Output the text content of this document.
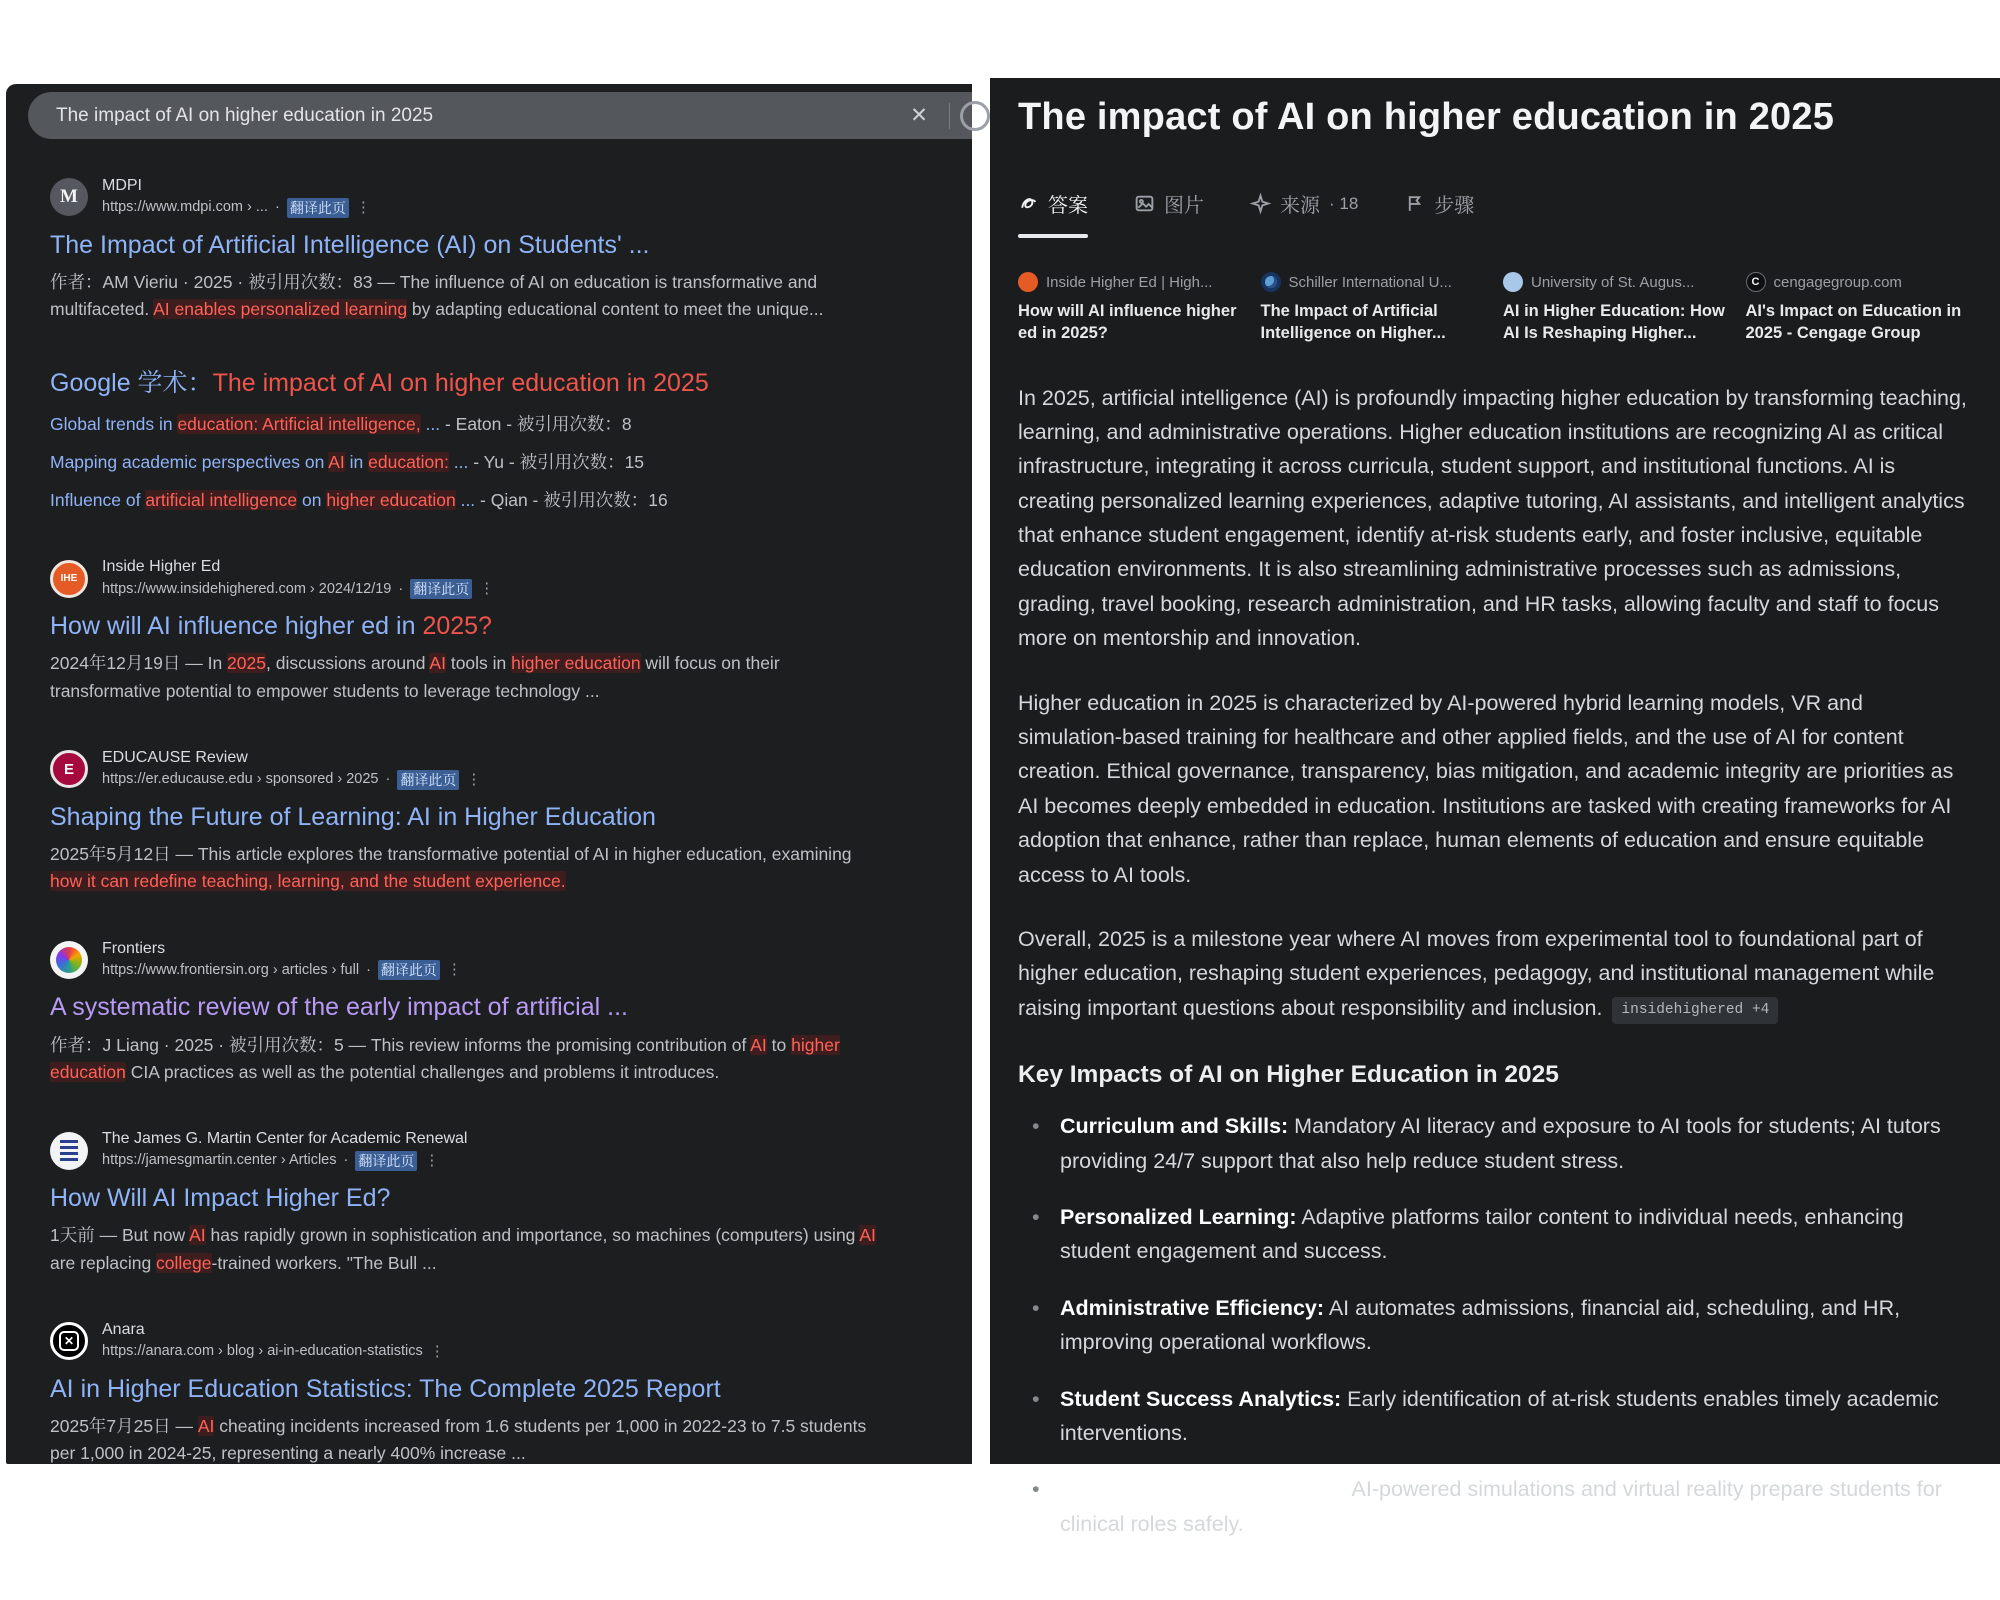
The impact of AI on higher education in 2025	✕
M
MDPI
https://www.mdpi.com › ... · 翻译此页 ⋮
The Impact of Artificial Intelligence (AI) on Students' ...
作者：AM Vieriu · 2025 · 被引用次数：83 — The influence of AI on education is transformative and multifaceted. AI enables personalized learning by adapting educational content to meet the unique...
Google 学术：The impact of AI on higher education in 2025
Global trends in education: Artificial intelligence, ... - Eaton - 被引用次数：8
Mapping academic perspectives on AI in education: ... - Yu - 被引用次数：15
Influence of artificial intelligence on higher education ... - Qian - 被引用次数：16
IHE
Inside Higher Ed
https://www.insidehighered.com › 2024/12/19 · 翻译此页 ⋮
How will AI influence higher ed in 2025?
2024年12月19日 — In 2025, discussions around AI tools in higher education will focus on their transformative potential to empower students to leverage technology ...
E
EDUCAUSE Review
https://er.educause.edu › sponsored › 2025 · 翻译此页 ⋮
Shaping the Future of Learning: AI in Higher Education
2025年5月12日 — This article explores the transformative potential of AI in higher education, examining how it can redefine teaching, learning, and the student experience.
Frontiers
https://www.frontiersin.org › articles › full · 翻译此页 ⋮
A systematic review of the early impact of artificial ...
作者：J Liang · 2025 · 被引用次数：5 — This review informs the promising contribution of AI to higher education CIA practices as well as the potential challenges and problems it introduces.
The James G. Martin Center for Academic Renewal
https://jamesgmartin.center › Articles · 翻译此页 ⋮
How Will AI Impact Higher Ed?
1天前 — But now AI has rapidly grown in sophistication and importance, so machines (computers) using AI are replacing college-trained workers. "The Bull ...
✕
Anara
https://anara.com › blog › ai-in-education-statistics ⋮
AI in Higher Education Statistics: The Complete 2025 Report
2025年7月25日 — AI cheating incidents increased from 1.6 students per 1,000 in 2022-23 to 7.5 students per 1,000 in 2024-25, representing a nearly 400% increase ...
The impact of AI on higher education in 2025
答案	图片	来源 · 18	步骤
Inside Higher Ed | High...
How will AI influence higher ed in 2025?
Schiller International U...
The Impact of Artificial Intelligence on Higher...
University of St. Augus...
AI in Higher Education: How AI Is Reshaping Higher...
C cengagegroup.com
AI's Impact on Education in 2025 - Cengage Group

In 2025, artificial intelligence (AI) is profoundly impacting higher education by transforming teaching, learning, and administrative operations. Higher education institutions are recognizing AI as critical infrastructure, integrating it across curricula, student support, and institutional functions. AI is creating personalized learning experiences, adaptive tutoring, AI assistants, and intelligent analytics that enhance student engagement, identify at-risk students early, and foster inclusive, equitable education environments. It is also streamlining administrative processes such as admissions, grading, travel booking, research administration, and HR tasks, allowing faculty and staff to focus more on mentorship and innovation.

Higher education in 2025 is characterized by AI-powered hybrid learning models, VR and simulation-based training for healthcare and other applied fields, and the use of AI for content creation. Ethical governance, transparency, bias mitigation, and academic integrity are priorities as AI becomes deeply embedded in education. Institutions are tasked with creating frameworks for AI adoption that enhance, rather than replace, human elements of education and ensure equitable access to AI tools.

Overall, 2025 is a milestone year where AI moves from experimental tool to foundational part of higher education, reshaping student experiences, pedagogy, and institutional management while raising important questions about responsibility and inclusion. insidehighered +4

Key Impacts of AI on Higher Education in 2025
• Curriculum and Skills: Mandatory AI literacy and exposure to AI tools for students; AI tutors providing 24/7 support that also help reduce student stress.
• Personalized Learning: Adaptive platforms tailor content to individual needs, enhancing student engagement and success.
• Administrative Efficiency: AI automates admissions, financial aid, scheduling, and HR, improving operational workflows.
• Student Success Analytics: Early identification of at-risk students enables timely academic interventions.
• Health Sciences Innovation: AI-powered simulations and virtual reality prepare students for clinical roles safely.
